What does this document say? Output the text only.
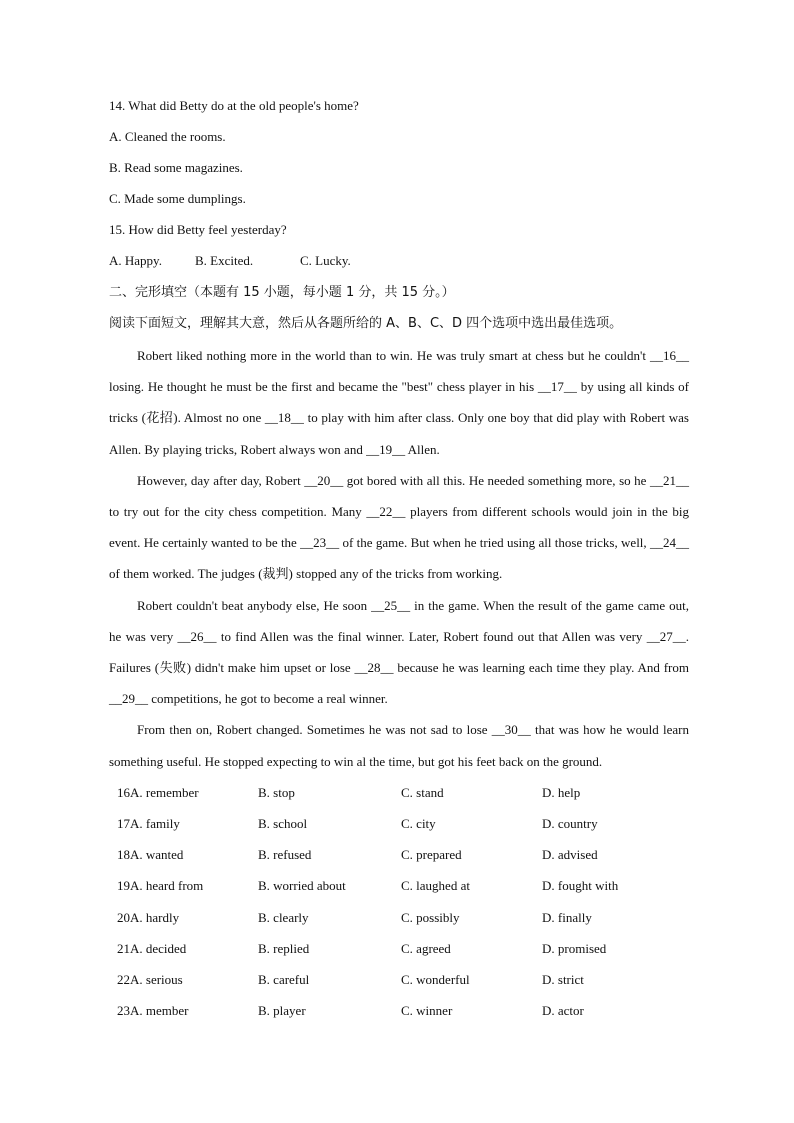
14. What did Betty do at the old people's home?
A. Cleaned the rooms.
B. Read some magazines.
C. Made some dumplings.
15. How did Betty feel yesterday?
A. Happy.	B. Excited.	C. Lucky.
二、完形填空（本题有 15 小题，每小题 1 分，共 15 分。）
阅读下面短文，理解其大意，然后从各题所给的 A、B、C、D 四个选项中选出最佳选项。
Robert liked nothing more in the world than to win. He was truly smart at chess but he couldn't __16__ losing. He thought he must be the first and became the "best" chess player in his __17__ by using all kinds of tricks (花招). Almost no one __18__ to play with him after class. Only one boy that did play with Robert was Allen. By playing tricks, Robert always won and __19__ Allen.
However, day after day, Robert __20__ got bored with all this. He needed something more, so he __21__ to try out for the city chess competition. Many __22__ players from different schools would join in the big event. He certainly wanted to be the __23__ of the game. But when he tried using all those tricks, well, __24__ of them worked. The judges (裁判) stopped any of the tricks from working.
Robert couldn't beat anybody else, He soon __25__ in the game. When the result of the game came out, he was very __26__ to find Allen was the final winner. Later, Robert found out that Allen was very __27__. Failures (失败) didn't make him upset or lose __28__ because he was learning each time they play. And from __29__ competitions, he got to become a real winner.
From then on, Robert changed. Sometimes he was not sad to lose __30__ that was how he would learn something useful. He stopped expecting to win al the time, but got his feet back on the ground.
16A. remember	B. stop	C. stand	D. help
17A. family	B. school	C. city	D. country
18A. wanted	B. refused	C. prepared	D. advised
19A. heard from	B. worried about	C. laughed at	D. fought with
20A. hardly	B. clearly	C. possibly	D. finally
21A. decided	B. replied	C. agreed	D. promised
22A. serious	B. careful	C. wonderful	D. strict
23A. member	B. player	C. winner	D. actor
